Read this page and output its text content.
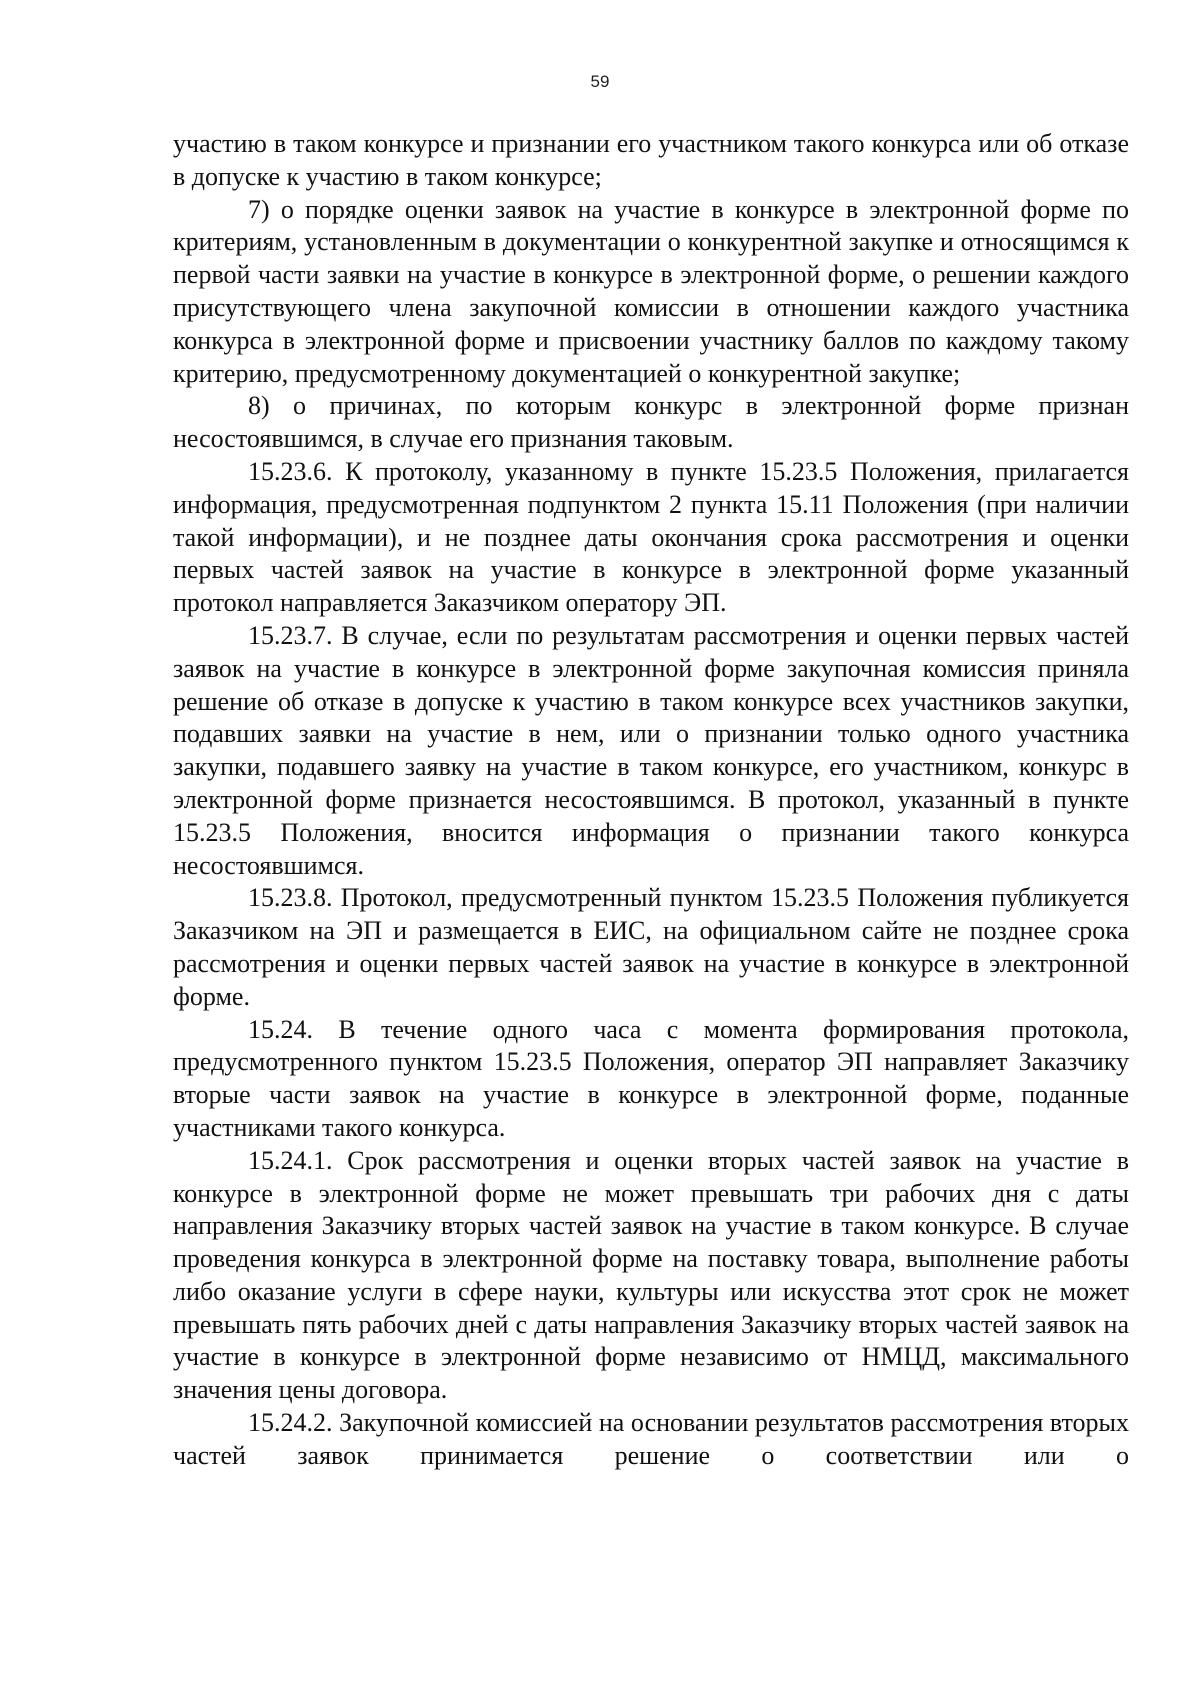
59

участию в таком конкурсе и признании его участником такого конкурса или об отказе в допуске к участию в таком конкурсе;

7) о порядке оценки заявок на участие в конкурсе в электронной форме по критериям, установленным в документации о конкурентной закупке и относящимся к первой части заявки на участие в конкурсе в электронной форме, о решении каждого присутствующего члена закупочной комиссии в отношении каждого участника конкурса в электронной форме и присвоении участнику баллов по каждому такому критерию, предусмотренному документацией о конкурентной закупке;

8) о причинах, по которым конкурс в электронной форме признан несостоявшимся, в случае его признания таковым.

15.23.6. К протоколу, указанному в пункте 15.23.5 Положения, прилагается информация, предусмотренная подпунктом 2 пункта 15.11 Положения (при наличии такой информации), и не позднее даты окончания срока рассмотрения и оценки первых частей заявок на участие в конкурсе в электронной форме указанный протокол направляется Заказчиком оператору ЭП.

15.23.7. В случае, если по результатам рассмотрения и оценки первых частей заявок на участие в конкурсе в электронной форме закупочная комиссия приняла решение об отказе в допуске к участию в таком конкурсе всех участников закупки, подавших заявки на участие в нем, или о признании только одного участника закупки, подавшего заявку на участие в таком конкурсе, его участником, конкурс в электронной форме признается несостоявшимся. В протокол, указанный в пункте 15.23.5 Положения, вносится информация о признании такого конкурса несостоявшимся.

15.23.8. Протокол, предусмотренный пунктом 15.23.5 Положения публикуется Заказчиком на ЭП и размещается в ЕИС, на официальном сайте не позднее срока рассмотрения и оценки первых частей заявок на участие в конкурсе в электронной форме.

15.24. В течение одного часа с момента формирования протокола, предусмотренного пунктом 15.23.5 Положения, оператор ЭП направляет Заказчику вторые части заявок на участие в конкурсе в электронной форме, поданные участниками такого конкурса.

15.24.1. Срок рассмотрения и оценки вторых частей заявок на участие в конкурсе в электронной форме не может превышать три рабочих дня с даты направления Заказчику вторых частей заявок на участие в таком конкурсе. В случае проведения конкурса в электронной форме на поставку товара, выполнение работы либо оказание услуги в сфере науки, культуры или искусства этот срок не может превышать пять рабочих дней с даты направления Заказчику вторых частей заявок на участие в конкурсе в электронной форме независимо от НМЦД, максимального значения цены договора.

15.24.2. Закупочной комиссией на основании результатов рассмотрения вторых частей заявок принимается решение о соответствии или о
